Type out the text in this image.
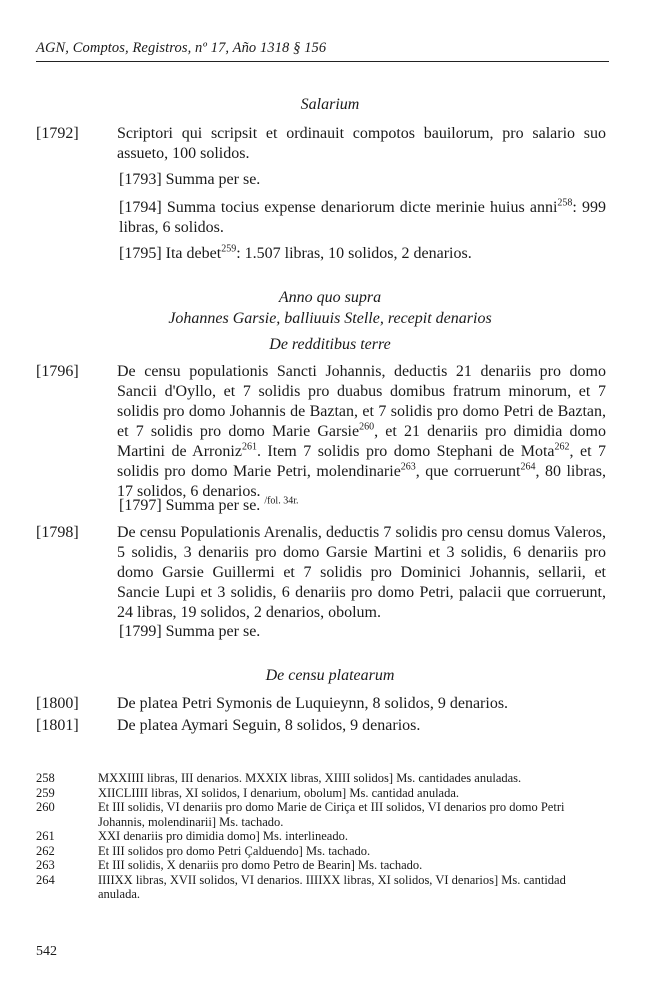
AGN, Comptos, Registros, nº 17, Año 1318 § 156
Salarium
[1792] Scriptori qui scripsit et ordinauit compotos bauilorum, pro salario suo assueto, 100 solidos.
[1793] Summa per se.
[1794] Summa tocius expense denariorum dicte merinie huius anni$^{258}$: 999 libras, 6 solidos.
[1795] Ita debet$^{259}$: 1.507 libras, 10 solidos, 2 denarios.
Anno quo supra
Johannes Garsie, balliuuis Stelle, recepit denarios
De redditibus terre
[1796] De censu populationis Sancti Johannis, deductis 21 denariis pro domo Sancii d'Oyllo, et 7 solidis pro duabus domibus fratrum minorum, et 7 solidis pro domo Johannis de Baztan, et 7 solidis pro domo Petri de Baztan, et 7 solidis pro domo Marie Garsie$^{260}$, et 21 denariis pro dimidia domo Martini de Arroniz$^{261}$. Item 7 solidis pro domo Stephani de Mota$^{262}$, et 7 solidis pro domo Marie Petri, molendinarie$^{263}$, que corruerunt$^{264}$, 80 libras, 17 solidos, 6 denarios.
[1797] Summa per se. $^{/fol. 34r.}$
[1798] De censu Populationis Arenalis, deductis 7 solidis pro censu domus Valeros, 5 solidis, 3 denariis pro domo Garsie Martini et 3 solidis, 6 denariis pro domo Garsie Guillermi et 7 solidis pro Dominici Johannis, sellarii, et Sancie Lupi et 3 solidis, 6 denariis pro domo Petri, palacii que corruerunt, 24 libras, 19 solidos, 2 denarios, obolum.
[1799] Summa per se.
De censu platearum
[1800] De platea Petri Symonis de Luquieynn, 8 solidos, 9 denarios.
[1801] De platea Aymari Seguin, 8 solidos, 9 denarios.
258	MXXIIII libras, III denarios. MXXIX libras, XIIII solidos] Ms. cantidades anuladas.
259	XIICLIIII libras, XI solidos, I denarium, obolum] Ms. cantidad anulada.
260	Et III solidis, VI denariis pro domo Marie de Ciriça et III solidos, VI denarios pro domo Petri Johannis, molendinarii] Ms. tachado.
261	XXI denariis pro dimidia domo] Ms. interlineado.
262	Et III solidos pro domo Petri Çalduendo] Ms. tachado.
263	Et III solidis, X denariis pro domo Petro de Bearin] Ms. tachado.
264	IIIIXX libras, XVII solidos, VI denarios. IIIIXX libras, XI solidos, VI denarios] Ms. cantidad anulada.
542
